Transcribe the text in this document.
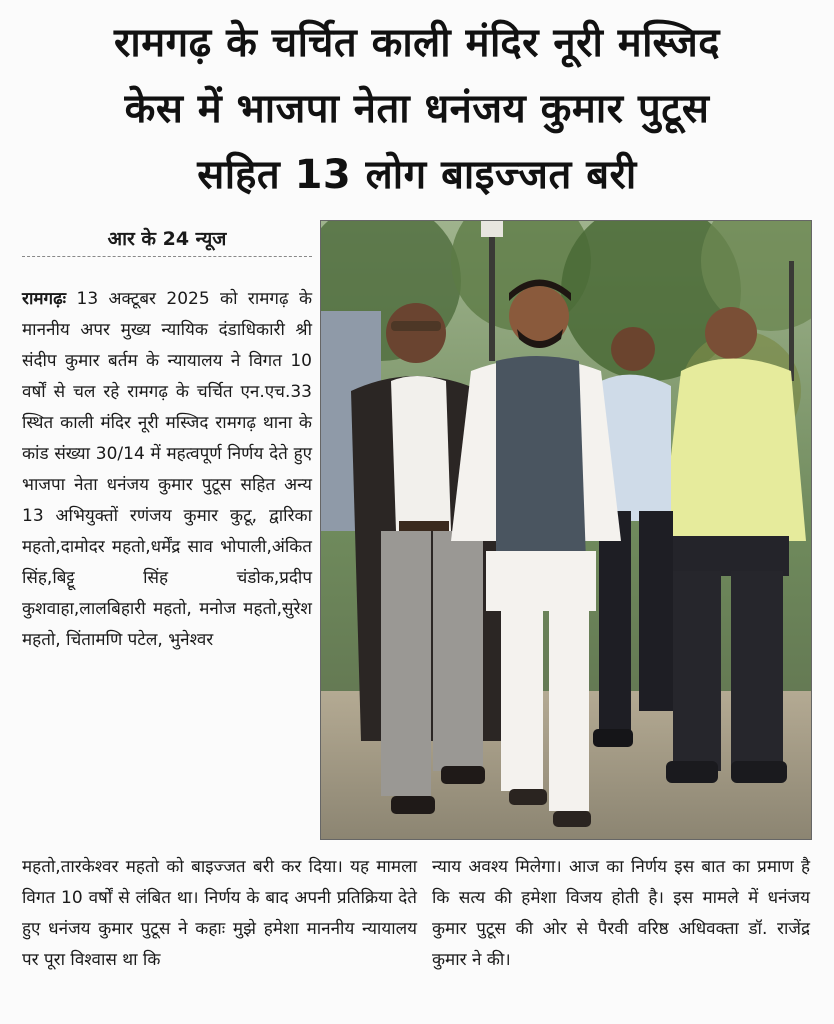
रामगढ़ के चर्चित काली मंदिर नूरी मस्जिद
केस में भाजपा नेता धनंजय कुमार पुटूस
सहित 13 लोग बाइज्जत बरी
आर के 24 न्यूज
रामगढ़ः 13 अक्टूबर 2025 को रामगढ़ के माननीय अपर मुख्य न्यायिक दंडाधिकारी श्री संदीप कुमार बर्तम के न्यायालय ने विगत 10 वर्षों से चल रहे रामगढ़ के चर्चित एन.एच.33 स्थित काली मंदिर नूरी मस्जिद रामगढ़ थाना के कांड संख्या 30/14 में महत्वपूर्ण निर्णय देते हुए भाजपा नेता धनंजय कुमार पुटूस सहित अन्य 13 अभियुक्तों रणंजय कुमार कुटू, द्वारिका महतो,दामोदर महतो,धर्मेंद्र साव भोपाली,अंकित सिंह,बिट्टू सिंह चंडोक,प्रदीप कुशवाहा,लालबिहारी महतो, मनोज महतो,सुरेश महतो, चिंतामणि पटेल, भुनेश्वर
महतो,तारकेश्वर महतो को बाइज्जत बरी कर दिया। यह मामला विगत 10 वर्षों से लंबित था। निर्णय के बाद अपनी प्रतिक्रिया देते हुए धनंजय कुमार पुटूस ने कहाः मुझे हमेशा माननीय न्यायालय पर पूरा विश्वास था कि
न्याय अवश्य मिलेगा। आज का निर्णय इस बात का प्रमाण है कि सत्य की हमेशा विजय होती है। इस मामले में धनंजय कुमार पुटूस की ओर से पैरवी वरिष्ठ अधिवक्ता डॉ. राजेंद्र कुमार ने की।
